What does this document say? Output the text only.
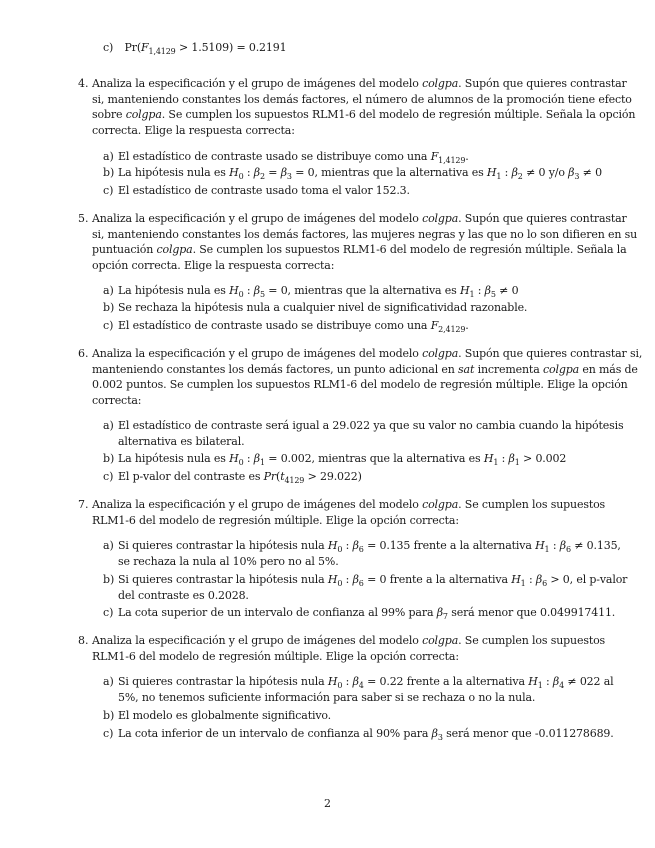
c) $Pr(F_{1,4129} > 1.5109) = 0.2191$
4. Analiza la especificación y el grupo de imágenes del modelo colgpa. Supón que quieres contrastar
si, manteniendo constantes los demás factores, el número de alumnos de la promoción tiene efecto
sobre colgpa. Se cumplen los supuestos RLM1-6 del modelo de regresión múltiple. Señala la opción
correcta. Elige la respuesta correcta:
a) El estadístico de contraste usado se distribuye como una $F_{1,4129}$.
b) La hipótesis nula es $H_0$ : $\beta_2 = \beta_3 = 0$, mientras que la alternativa es $H_1$ : $\beta_2 \ne 0$ y/o $\beta_3 \ne 0$
c) El estadístico de contraste usado toma el valor 152.3.
5. Analiza la especificación y el grupo de imágenes del modelo colgpa. Supón que quieres contrastar
si, manteniendo constantes los demás factores, las mujeres negras y las que no lo son difieren en su
puntuación colgpa. Se cumplen los supuestos RLM1-6 del modelo de regresión múltiple. Señala la
opción correcta. Elige la respuesta correcta:
a) La hipótesis nula es $H_0$ : $\beta_5 = 0$, mientras que la alternativa es $H_1$ : $\beta_5 \ne 0$
b) Se rechaza la hipótesis nula a cualquier nivel de significatividad razonable.
c) El estadístico de contraste usado se distribuye como una $F_{2,4129}$.
6. Analiza la especificación y el grupo de imágenes del modelo colgpa. Supón que quieres contrastar si,
manteniendo constantes los demás factores, un punto adicional en sat incrementa colgpa en más de
0.002 puntos. Se cumplen los supuestos RLM1-6 del modelo de regresión múltiple. Elige la opción
correcta:
a) El estadístico de contraste será igual a 29.022 ya que su valor no cambia cuando la hipótesis
alternativa es bilateral.
b) La hipótesis nula es $H_0$ : $\beta_1 = 0.002$, mientras que la alternativa es $H_1$ : $\beta_1 > 0.002$
c) El p-valor del contraste es $Pr(t_{4129} > 29.022)$
7. Analiza la especificación y el grupo de imágenes del modelo colgpa. Se cumplen los supuestos
RLM1-6 del modelo de regresión múltiple. Elige la opción correcta:
a) Si quieres contrastar la hipótesis nula $H_0$ : $\beta_6 = 0.135$ frente a la alternativa $H_1$ : $\beta_6 \ne 0.135$,
se rechaza la nula al 10% pero no al 5%.
b) Si quieres contrastar la hipótesis nula $H_0$ : $\beta_6 = 0$ frente a la alternativa $H_1$ : $\beta_6 > 0$, el p-valor
del contraste es 0.2028.
c) La cota superior de un intervalo de confianza al 99% para $\beta_7$ será menor que 0.049917411.
8. Analiza la especificación y el grupo de imágenes del modelo colgpa. Se cumplen los supuestos
RLM1-6 del modelo de regresión múltiple. Elige la opción correcta:
a) Si quieres contrastar la hipótesis nula $H_0$ : $\beta_4 = 0.22$ frente a la alternativa $H_1$ : $\beta_4 \ne 022$ al
5%, no tenemos suficiente información para saber si se rechaza o no la nula.
b) El modelo es globalmente significativo.
c) La cota inferior de un intervalo de confianza al 90% para $\beta_3$ será menor que -0.011278689.
2
